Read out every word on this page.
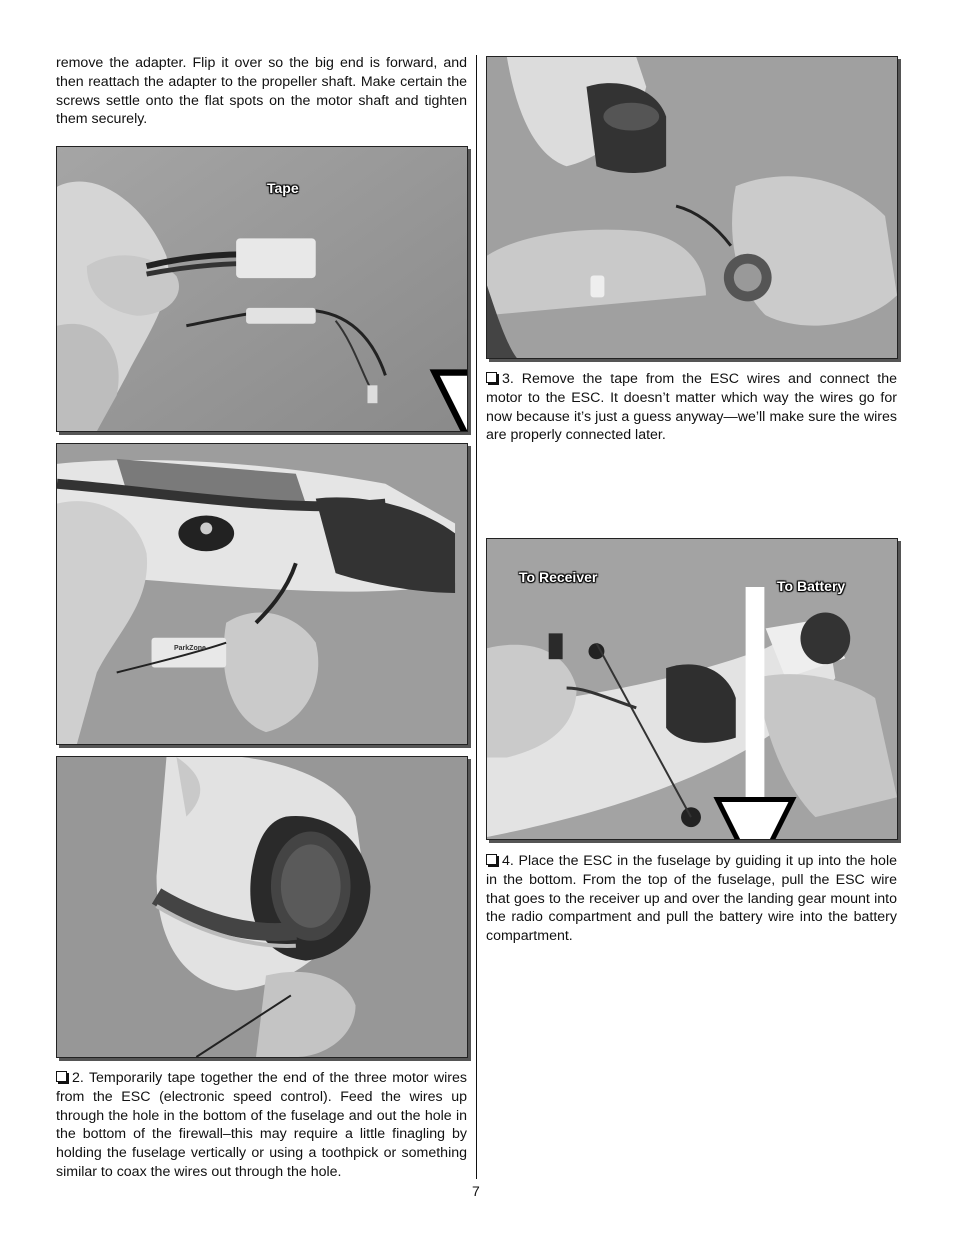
remove the adapter. Flip it over so the big end is forward, and then reattach the adapter to the propeller shaft. Make certain the screws settle onto the flat spots on the motor shaft and tighten them securely.

Tape
ParkZone

2. Temporarily tape together the end of the three motor wires from the ESC (electronic speed control). Feed the wires up through the hole in the bottom of the fuselage and out the hole in the bottom of the firewall–this may require a little finagling by holding the fuselage vertically or using a toothpick or something similar to coax the wires out through the hole.

3. Remove the tape from the ESC wires and connect the motor to the ESC. It doesn’t matter which way the wires go for now because it’s just a guess anyway—we’ll make sure the wires are properly connected later.

To Receiver
To Battery

4. Place the ESC in the fuselage by guiding it up into the hole in the bottom. From the top of the fuselage, pull the ESC wire that goes to the receiver up and over the landing gear mount into the radio compartment and pull the battery wire into the battery compartment.

7
